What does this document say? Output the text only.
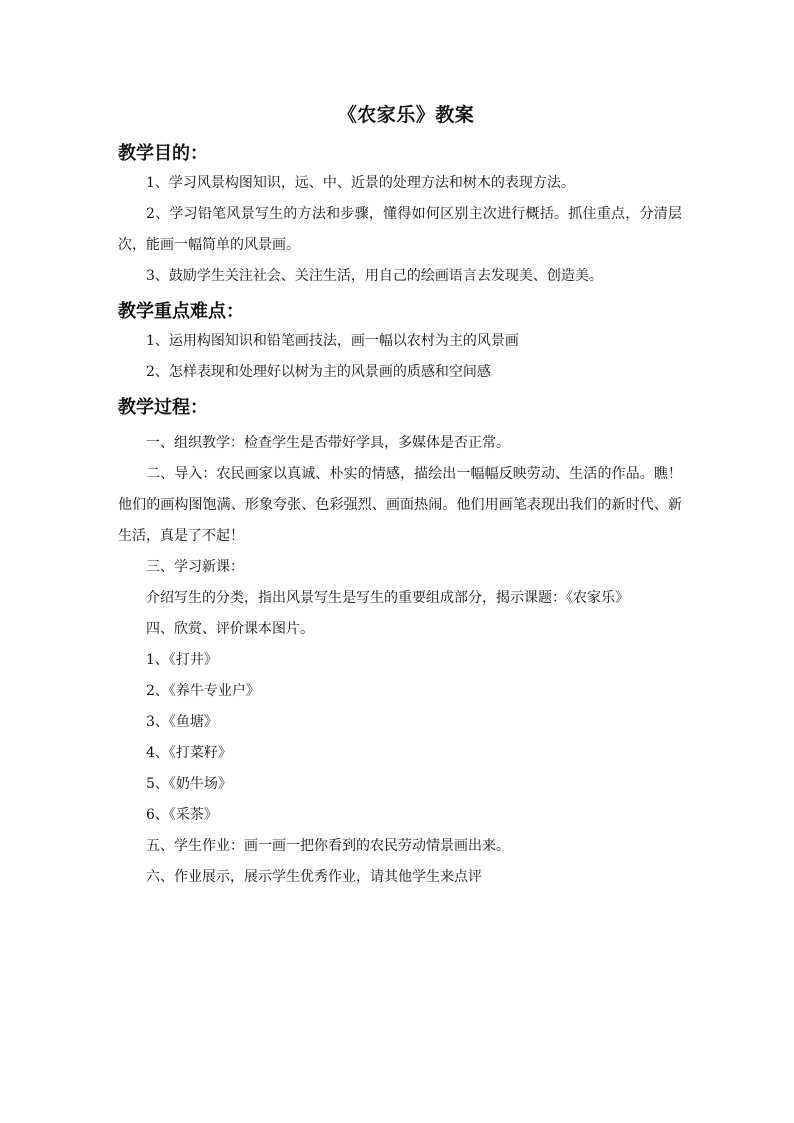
《农家乐》教案
教学目的：

1、学习风景构图知识，远、中、近景的处理方法和树木的表现方法。

2、学习铅笔风景写生的方法和步骤，懂得如何区别主次进行概括。抓住重点，分清层次，能画一幅简单的风景画。

3、鼓励学生关注社会、关注生活，用自己的绘画语言去发现美、创造美。

教学重点难点：

1、运用构图知识和铅笔画技法，画一幅以农村为主的风景画

2、怎样表现和处理好以树为主的风景画的质感和空间感

教学过程：

一、组织教学：检查学生是否带好学具，多媒体是否正常。

二、导入：农民画家以真诚、朴实的情感，描绘出一幅幅反映劳动、生活的作品。瞧！他们的画构图饱满、形象夸张、色彩强烈、画面热闹。他们用画笔表现出我们的新时代、新生活，真是了不起！

三、学习新课：

介绍写生的分类，指出风景写生是写生的重要组成部分，揭示课题：《农家乐》

四、欣赏、评价课本图片。

1、《打井》

2、《养牛专业户》

3、《鱼塘》

4、《打菜籽》

5、《奶牛场》

6、《采茶》

五、学生作业：画一画一把你看到的农民劳动情景画出来。

六、作业展示，展示学生优秀作业，请其他学生来点评
